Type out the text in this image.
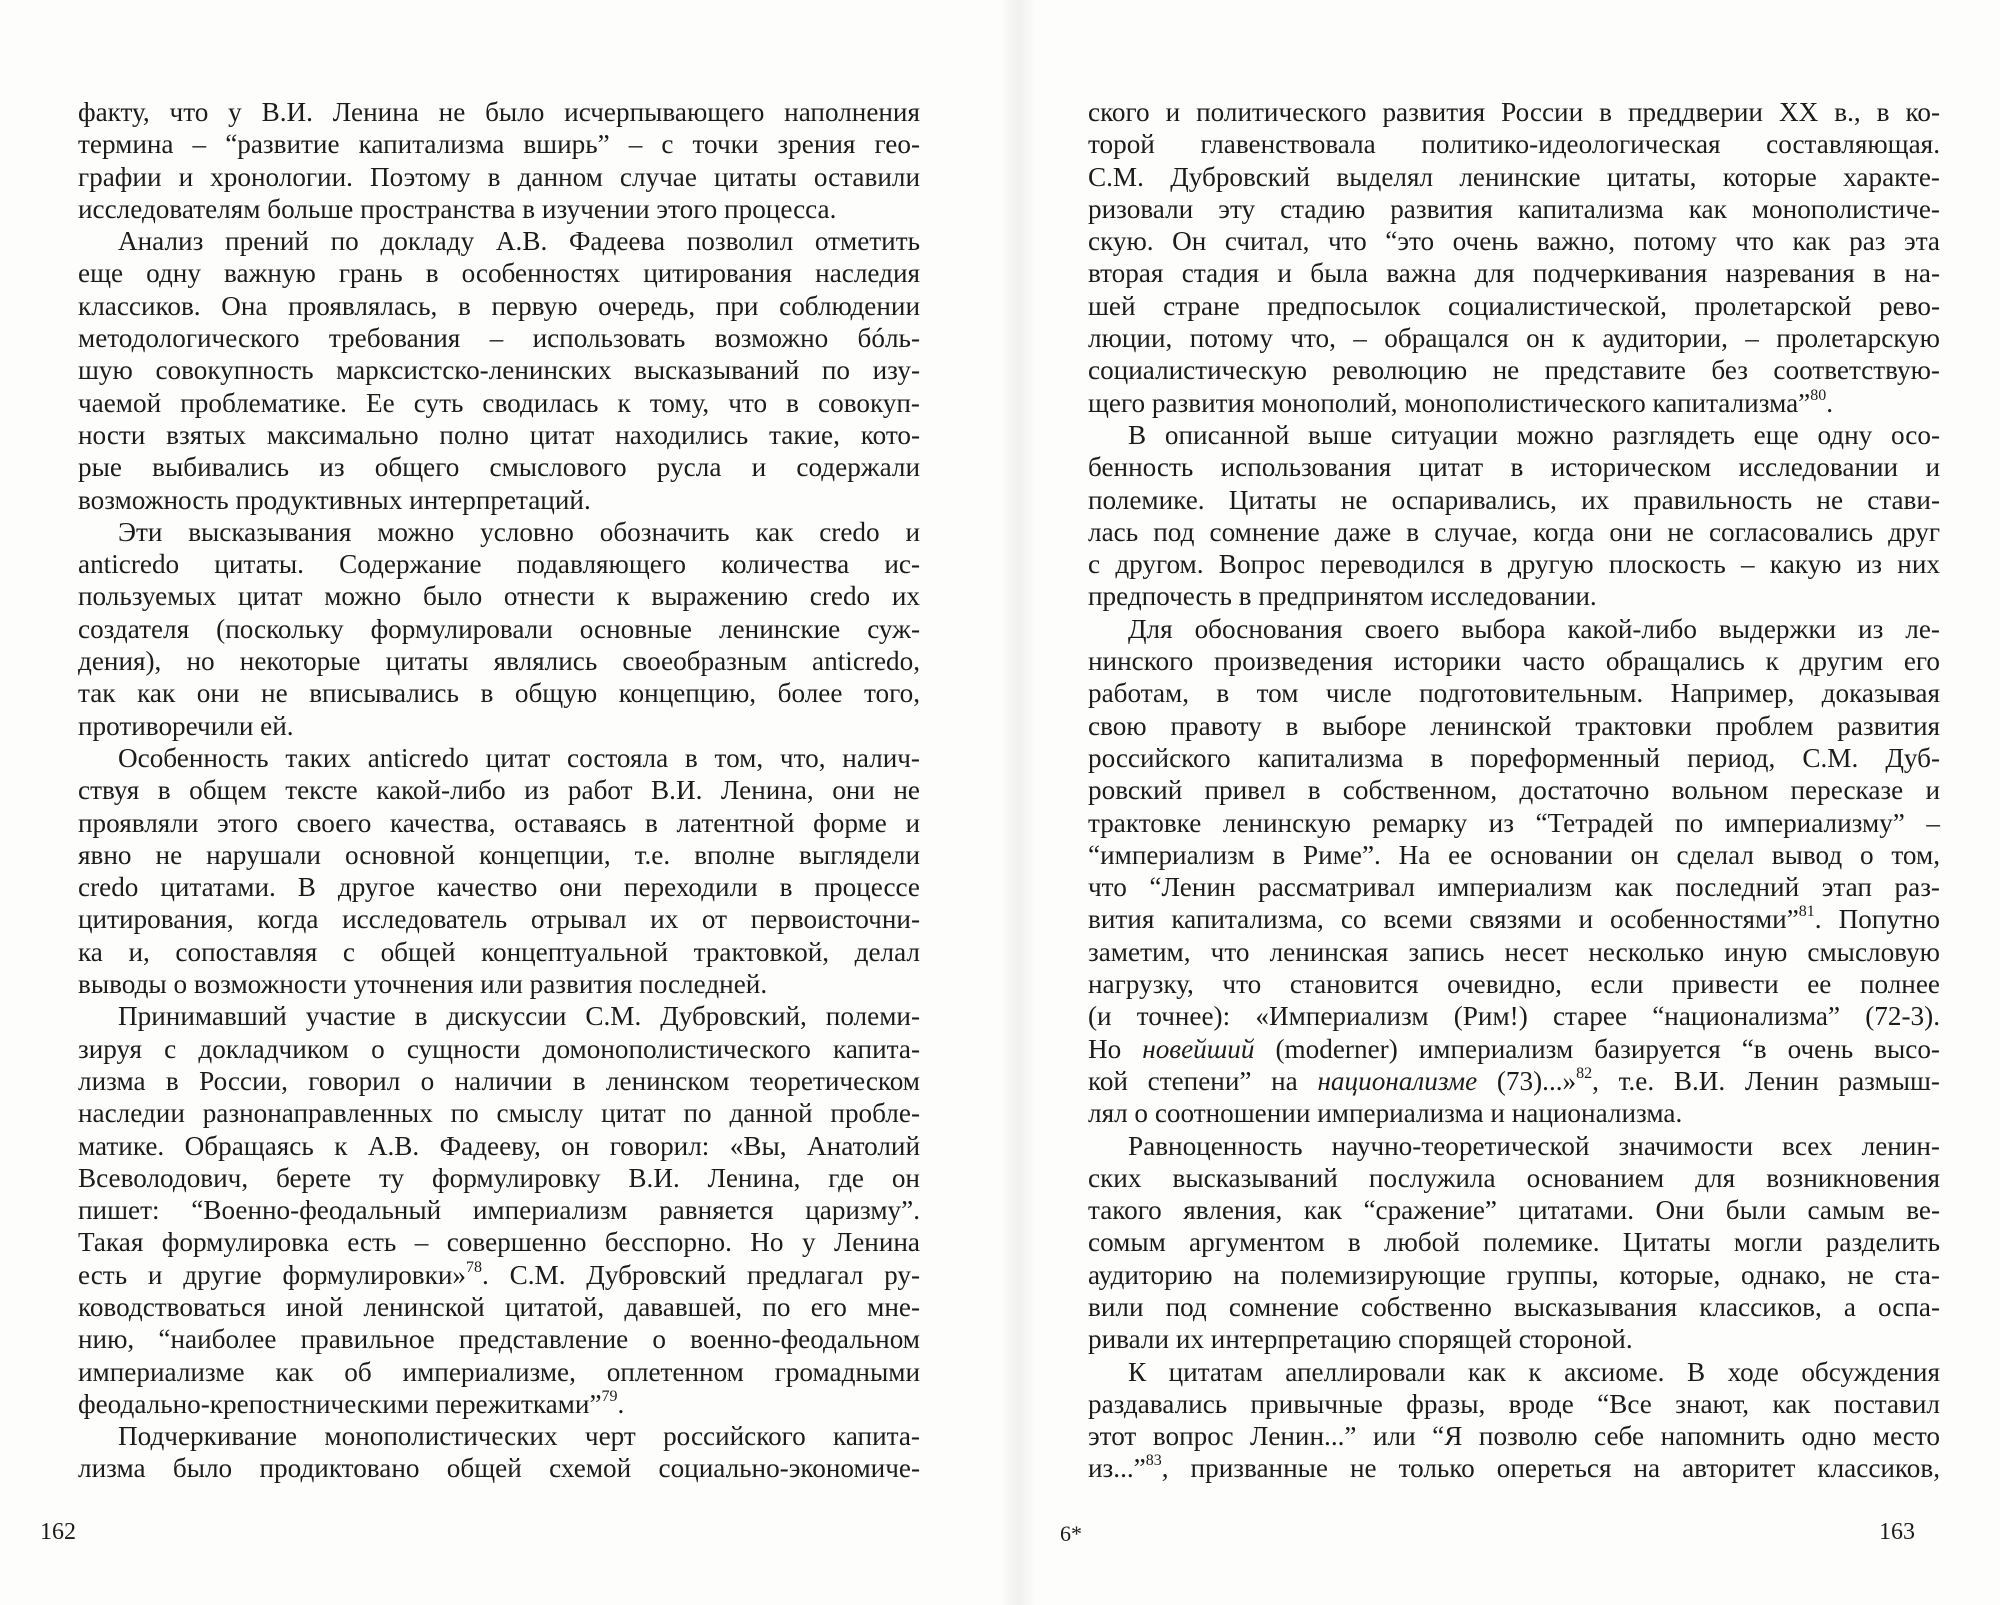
факту, что у В.И. Ленина не было исчерпывающего наполнения
термина – “развитие капитализма вширь” – с точки зрения гео-
графии и хронологии. Поэтому в данном случае цитаты оставили
исследователям больше пространства в изучении этого процесса.
Анализ прений по докладу А.В. Фадеева позволил отметить
еще одну важную грань в особенностях цитирования наследия
классиков. Она проявлялась, в первую очередь, при соблюдении
методологического требования – использовать возможно бóль-
шую совокупность марксистско-ленинских высказываний по изу-
чаемой проблематике. Ее суть сводилась к тому, что в совокуп-
ности взятых максимально полно цитат находились такие, кото-
рые выбивались из общего смыслового русла и содержали
возможность продуктивных интерпретаций.
Эти высказывания можно условно обозначить как credo и
anticredo цитаты. Содержание подавляющего количества ис-
пользуемых цитат можно было отнести к выражению credo их
создателя (поскольку формулировали основные ленинские суж-
дения), но некоторые цитаты являлись своеобразным anticredo,
так как они не вписывались в общую концепцию, более того,
противоречили ей.
Особенность таких anticredo цитат состояла в том, что, налич-
ствуя в общем тексте какой-либо из работ В.И. Ленина, они не
проявляли этого своего качества, оставаясь в латентной форме и
явно не нарушали основной концепции, т.е. вполне выглядели
credo цитатами. В другое качество они переходили в процессе
цитирования, когда исследователь отрывал их от первоисточни-
ка и, сопоставляя с общей концептуальной трактовкой, делал
выводы о возможности уточнения или развития последней.
Принимавший участие в дискуссии С.М. Дубровский, полеми-
зируя с докладчиком о сущности домонополистического капита-
лизма в России, говорил о наличии в ленинском теоретическом
наследии разнонаправленных по смыслу цитат по данной пробле-
матике. Обращаясь к А.В. Фадееву, он говорил: «Вы, Анатолий
Всеволодович, берете ту формулировку В.И. Ленина, где он
пишет: “Военно-феодальный империализм равняется царизму”.
Такая формулировка есть – совершенно бесспорно. Но у Ленина
есть и другие формулировки»$^{78}$. С.М. Дубровский предлагал ру-
ководствоваться иной ленинской цитатой, дававшей, по его мне-
нию, “наиболее правильное представление о военно-феодальном
империализме как об империализме, оплетенном громадными
феодально-крепостническими пережитками”$^{79}$.
Подчеркивание монополистических черт российского капита-
лизма было продиктовано общей схемой социально-экономиче-
162
ского и политического развития России в преддверии XX в., в ко-
торой главенствовала политико-идеологическая составляющая.
С.М. Дубровский выделял ленинские цитаты, которые характе-
ризовали эту стадию развития капитализма как монополистиче-
скую. Он считал, что “это очень важно, потому что как раз эта
вторая стадия и была важна для подчеркивания назревания в на-
шей стране предпосылок социалистической, пролетарской рево-
люции, потому что, – обращался он к аудитории, – пролетарскую
социалистическую революцию не представите без соответствую-
щего развития монополий, монополистического капитализма”$^{80}$.
В описанной выше ситуации можно разглядеть еще одну осо-
бенность использования цитат в историческом исследовании и
полемике. Цитаты не оспаривались, их правильность не стави-
лась под сомнение даже в случае, когда они не согласовались друг
с другом. Вопрос переводился в другую плоскость – какую из них
предпочесть в предпринятом исследовании.
Для обоснования своего выбора какой-либо выдержки из ле-
нинского произведения историки часто обращались к другим его
работам, в том числе подготовительным. Например, доказывая
свою правоту в выборе ленинской трактовки проблем развития
российского капитализма в пореформенный период, С.М. Дуб-
ровский привел в собственном, достаточно вольном пересказе и
трактовке ленинскую ремарку из “Тетрадей по империализму” –
“империализм в Риме”. На ее основании он сделал вывод о том,
что “Ленин рассматривал империализм как последний этап раз-
вития капитализма, со всеми связями и особенностями”$^{81}$. Попутно
заметим, что ленинская запись несет несколько иную смысловую
нагрузку, что становится очевидно, если привести ее полнее
(и точнее): «Империализм (Рим!) старее “национализма” (72-3).
Но новейший (moderner) империализм базируется “в очень высо-
кой степени” на национализме (73)...»$^{82}$, т.е. В.И. Ленин размыш-
лял о соотношении империализма и национализма.
Равноценность научно-теоретической значимости всех ленин-
ских высказываний послужила основанием для возникновения
такого явления, как “сражение” цитатами. Они были самым ве-
сомым аргументом в любой полемике. Цитаты могли разделить
аудиторию на полемизирующие группы, которые, однако, не ста-
вили под сомнение собственно высказывания классиков, а оспа-
ривали их интерпретацию спорящей стороной.
К цитатам апеллировали как к аксиоме. В ходе обсуждения
раздавались привычные фразы, вроде “Все знают, как поставил
этот вопрос Ленин...” или “Я позволю себе напомнить одно место
из...”$^{83}$, призванные не только опереться на авторитет классиков,
6*	163
